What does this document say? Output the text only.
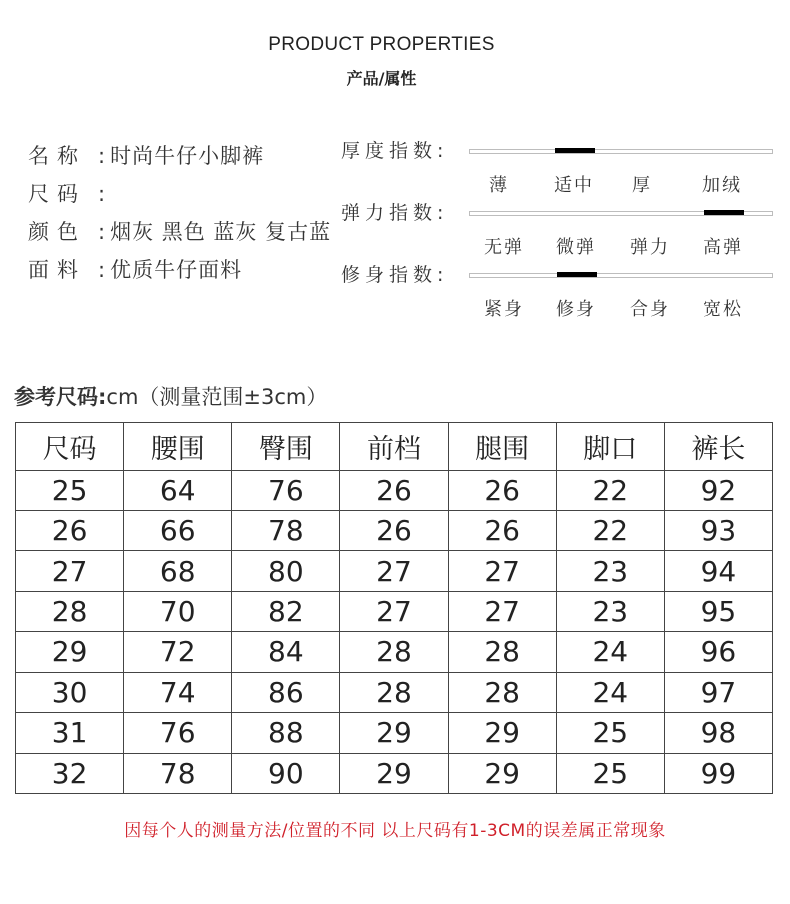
PRODUCT PROPERTIES
产品/属性
名称 : 时尚牛仔小脚裤
尺码 :
颜色 : 烟灰 黑色 蓝灰 复古蓝
面料 : 优质牛仔面料
厚度指数:
薄	适中 厚	加绒
弹力指数:
无弹 微弹 弹力 高弹
修身指数:
紧身 修身 合身 宽松
参考尺码:cm（测量范围±3cm）
尺码	腰围	臀围	前档	腿围	脚口	裤长
25	64	76	26	26	22	92
26	66	78	26	26	22	93
27	68	80	27	27	23	94
28	70	82	27	27	23	95
29	72	84	28	28	24	96
30	74	86	28	28	24	97
31	76	88	29	29	25	98
32	78	90	29	29	25	99
因每个人的测量方法/位置的不同 以上尺码有1-3CM的误差属正常现象
